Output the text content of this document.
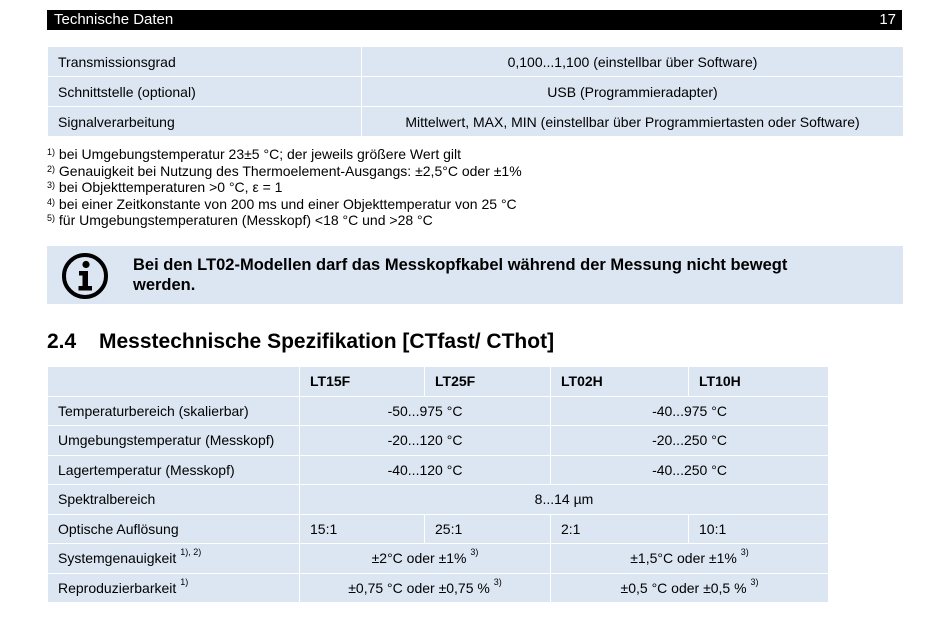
Technische Daten	17
Transmissionsgrad	0,100...1,100 (einstellbar über Software)
Schnittstelle (optional)	USB (Programmieradapter)
Signalverarbeitung	Mittelwert, MAX, MIN (einstellbar über Programmiertasten oder Software)
$^{1)}$ bei Umgebungstemperatur 23±5 °C; der jeweils größere Wert gilt
$^{2)}$ Genauigkeit bei Nutzung des Thermoelement-Ausgangs: ±2,5°C oder ±1%
$^{3)}$ bei Objekttemperaturen >0 °C, ε = 1
$^{4)}$ bei einer Zeitkonstante von 200 ms und einer Objekttemperatur von 25 °C
$^{5)}$ für Umgebungstemperaturen (Messkopf) <18 °C und >28 °C
Bei den LT02-Modellen darf das Messkopfkabel während der Messung nicht bewegt
werden.
2.4 Messtechnische Spezifikation [CTfast/ CThot]
	LT15F	LT25F	LT02H	LT10H
Temperaturbereich (skalierbar)	-50...975 °C		-40...975 °C	
Umgebungstemperatur (Messkopf)	-20...120 °C		-20...250 °C	
Lagertemperatur (Messkopf)	-40...120 °C		-40...250 °C	
Spektralbereich	8...14 µm			
Optische Auflösung	15:1	25:1	2:1	10:1
Systemgenauigkeit $^{1), 2)}$	±2°C oder ±1% $^{3)}$		±1,5°C oder ±1% $^{3)}$
Reproduzierbarkeit $^{1)}$	±0,75 °C oder ±0,75 % $^{3)}$		±0,5 °C oder ±0,5 % $^{3)}$
